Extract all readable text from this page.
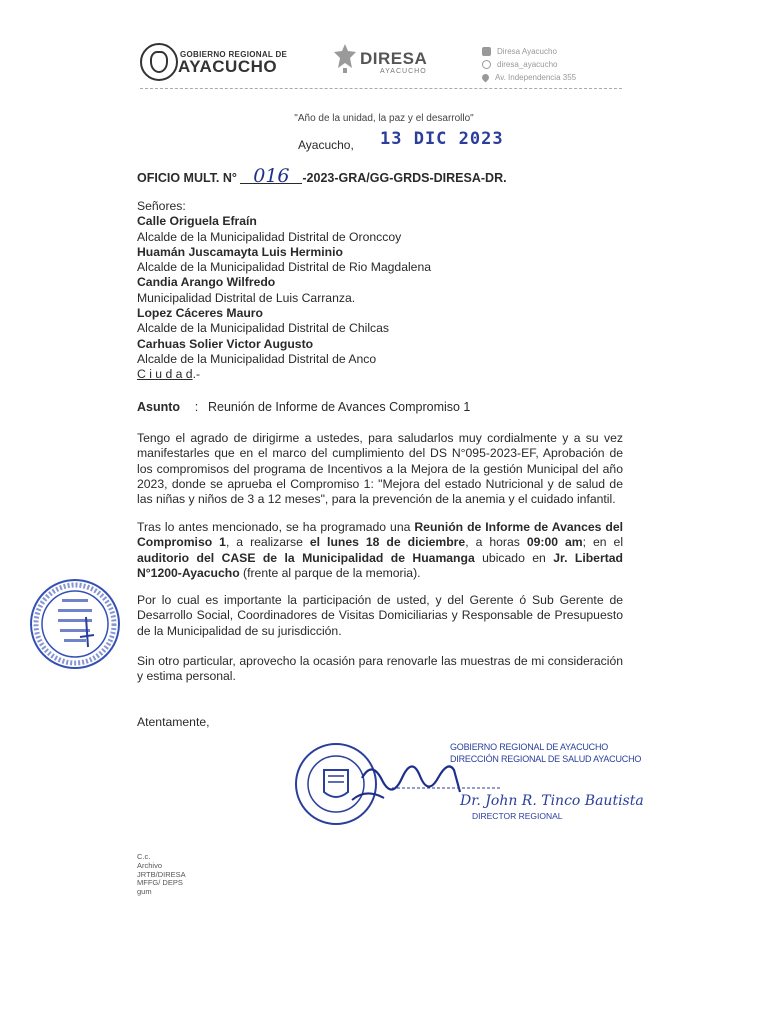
GOBIERNO REGIONAL DE
AYACUCHO	DIRESA
AYACUCHO
Diresa Ayacucho
diresa_ayacucho
Av. Independencia 355
"Año de la unidad, la paz y el desarrollo"
Ayacucho, 13 DIC 2023
OFICIO MULT. N° 016 -2023-GRA/GG-GRDS-DIRESA-DR.
Señores:
Calle Origuela Efraín
Alcalde de la Municipalidad Distrital de Oronccoy
Huamán Juscamayta Luis Herminio
Alcalde de la Municipalidad Distrital de Rio Magdalena
Candia Arango Wilfredo
Municipalidad Distrital de Luis Carranza.
Lopez Cáceres Mauro
Alcalde de la Municipalidad Distrital de Chilcas
Carhuas Solier Victor Augusto
Alcalde de la Municipalidad Distrital de Anco
C i u d a d.-
Asunto : Reunión de Informe de Avances Compromiso 1
Tengo el agrado de dirigirme a ustedes, para saludarlos muy cordialmente y a su vez manifestarles que en el marco del cumplimiento del DS N°095-2023-EF, Aprobación de los compromisos del programa de Incentivos a la Mejora de la gestión Municipal del año 2023, donde se aprueba el Compromiso 1: "Mejora del estado Nutricional y de salud de las niñas y niños de 3 a 12 meses", para la prevención de la anemia y el cuidado infantil.
Tras lo antes mencionado, se ha programado una Reunión de Informe de Avances del Compromiso 1, a realizarse el lunes 18 de diciembre, a horas 09:00 am; en el auditorio del CASE de la Municipalidad de Huamanga ubicado en Jr. Libertad N°1200-Ayacucho (frente al parque de la memoria).
Por lo cual es importante la participación de usted, y del Gerente ó Sub Gerente de Desarrollo Social, Coordinadores de Visitas Domiciliarias y Responsable de Presupuesto de la Municipalidad de su jurisdicción.
Sin otro particular, aprovecho la ocasión para renovarle las muestras de mi consideración y estima personal.
Atentamente,
GOBIERNO REGIONAL DE AYACUCHO
DIRECCIÓN REGIONAL DE SALUD AYACUCHO
Dr. John R. Tinco Bautista
DIRECTOR REGIONAL
C.c.
Archivo
JRTB/DIRESA
MFFG/ DEPS
gum
